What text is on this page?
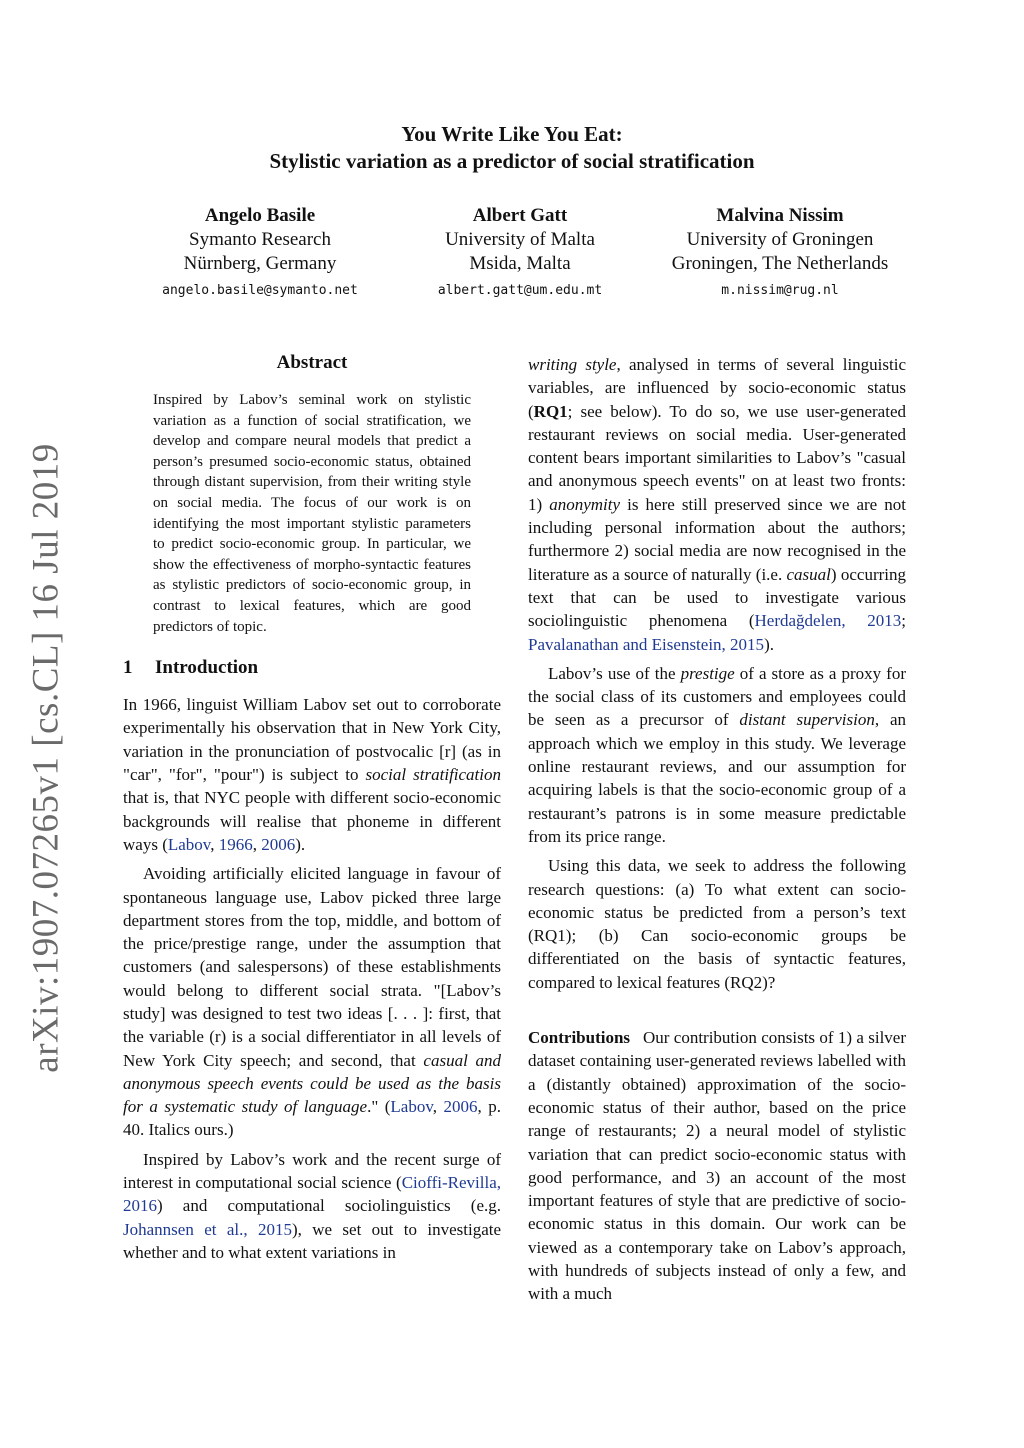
You Write Like You Eat:
Stylistic variation as a predictor of social stratification
Angelo Basile
Symanto Research
Nürnberg, Germany
angelo.basile@symanto.net
Albert Gatt
University of Malta
Msida, Malta
albert.gatt@um.edu.mt
Malvina Nissim
University of Groningen
Groningen, The Netherlands
m.nissim@rug.nl
arXiv:1907.07265v1 [cs.CL] 16 Jul 2019
Abstract
Inspired by Labov’s seminal work on stylistic variation as a function of social stratification, we develop and compare neural models that predict a person’s presumed socio-economic status, obtained through distant supervision, from their writing style on social media. The focus of our work is on identifying the most important stylistic parameters to predict socio-economic group. In particular, we show the effectiveness of morpho-syntactic features as stylistic predictors of socio-economic group, in contrast to lexical features, which are good predictors of topic.
1 Introduction

In 1966, linguist William Labov set out to corroborate experimentally his observation that in New York City, variation in the pronunciation of postvocalic [r] (as in "car", "for", "pour") is subject to social stratification that is, that NYC people with different socio-economic backgrounds will realise that phoneme in different ways (Labov, 1966, 2006).

Avoiding artificially elicited language in favour of spontaneous language use, Labov picked three large department stores from the top, middle, and bottom of the price/prestige range, under the assumption that customers (and salespersons) of these establishments would belong to different social strata. "[Labov’s study] was designed to test two ideas [. . . ]: first, that the variable (r) is a social differentiator in all levels of New York City speech; and second, that casual and anonymous speech events could be used as the basis for a systematic study of language." (Labov, 2006, p. 40. Italics ours.)

Inspired by Labov’s work and the recent surge of interest in computational social science (Cioffi-Revilla, 2016) and computational sociolinguistics (e.g. Johannsen et al., 2015), we set out to investigate whether and to what extent variations in

writing style, analysed in terms of several linguistic variables, are influenced by socio-economic status (RQ1; see below). To do so, we use user-generated restaurant reviews on social media. User-generated content bears important similarities to Labov’s "casual and anonymous speech events" on at least two fronts: 1) anonymity is here still preserved since we are not including personal information about the authors; furthermore 2) social media are now recognised in the literature as a source of naturally (i.e. casual) occurring text that can be used to investigate various sociolinguistic phenomena (Herdağdelen, 2013; Pavalanathan and Eisenstein, 2015).

Labov’s use of the prestige of a store as a proxy for the social class of its customers and employees could be seen as a precursor of distant supervision, an approach which we employ in this study. We leverage online restaurant reviews, and our assumption for acquiring labels is that the socio-economic group of a restaurant’s patrons is in some measure predictable from its price range.

Using this data, we seek to address the following research questions: (a) To what extent can socio-economic status be predicted from a person’s text (RQ1); (b) Can socio-economic groups be differentiated on the basis of syntactic features, compared to lexical features (RQ2)?

Contributions Our contribution consists of 1) a silver dataset containing user-generated reviews labelled with a (distantly obtained) approximation of the socio-economic status of their author, based on the price range of restaurants; 2) a neural model of stylistic variation that can predict socio-economic status with good performance, and 3) an account of the most important features of style that are predictive of socio-economic status in this domain. Our work can be viewed as a contemporary take on Labov’s approach, with hundreds of subjects instead of only a few, and with a much
